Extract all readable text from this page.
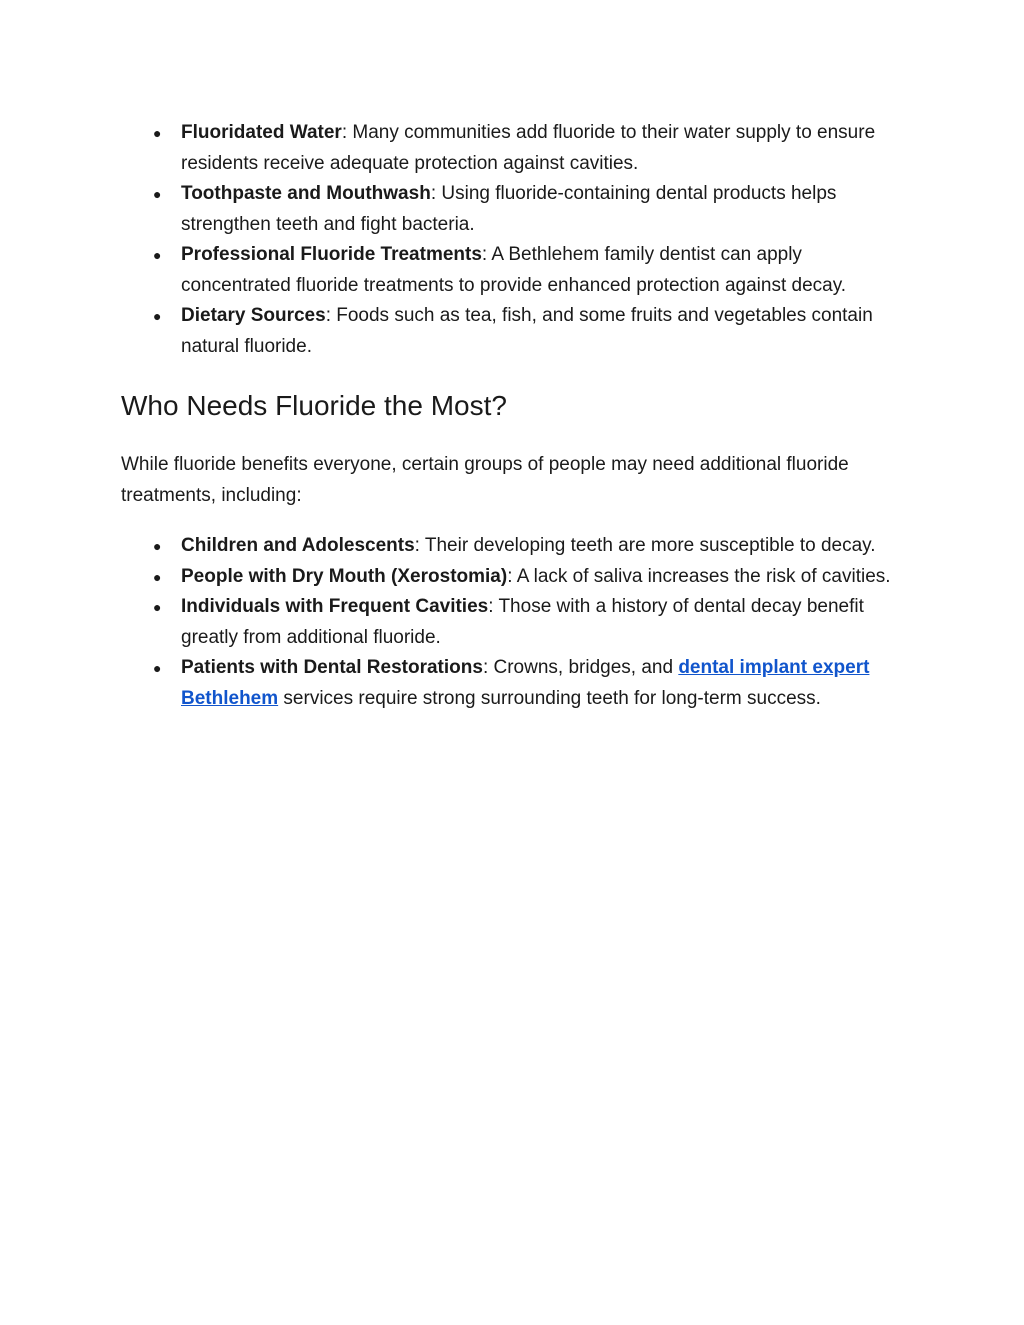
● Fluoridated Water: Many communities add fluoride to their water supply to ensure residents receive adequate protection against cavities.
● Toothpaste and Mouthwash: Using fluoride-containing dental products helps strengthen teeth and fight bacteria.
● Professional Fluoride Treatments: A Bethlehem family dentist can apply concentrated fluoride treatments to provide enhanced protection against decay.
● Dietary Sources: Foods such as tea, fish, and some fruits and vegetables contain natural fluoride.
Who Needs Fluoride the Most?

While fluoride benefits everyone, certain groups of people may need additional fluoride treatments, including:

● Children and Adolescents: Their developing teeth are more susceptible to decay.
● People with Dry Mouth (Xerostomia): A lack of saliva increases the risk of cavities.
● Individuals with Frequent Cavities: Those with a history of dental decay benefit greatly from additional fluoride.
● Patients with Dental Restorations: Crowns, bridges, and dental implant expert Bethlehem services require strong surrounding teeth for long-term success.
